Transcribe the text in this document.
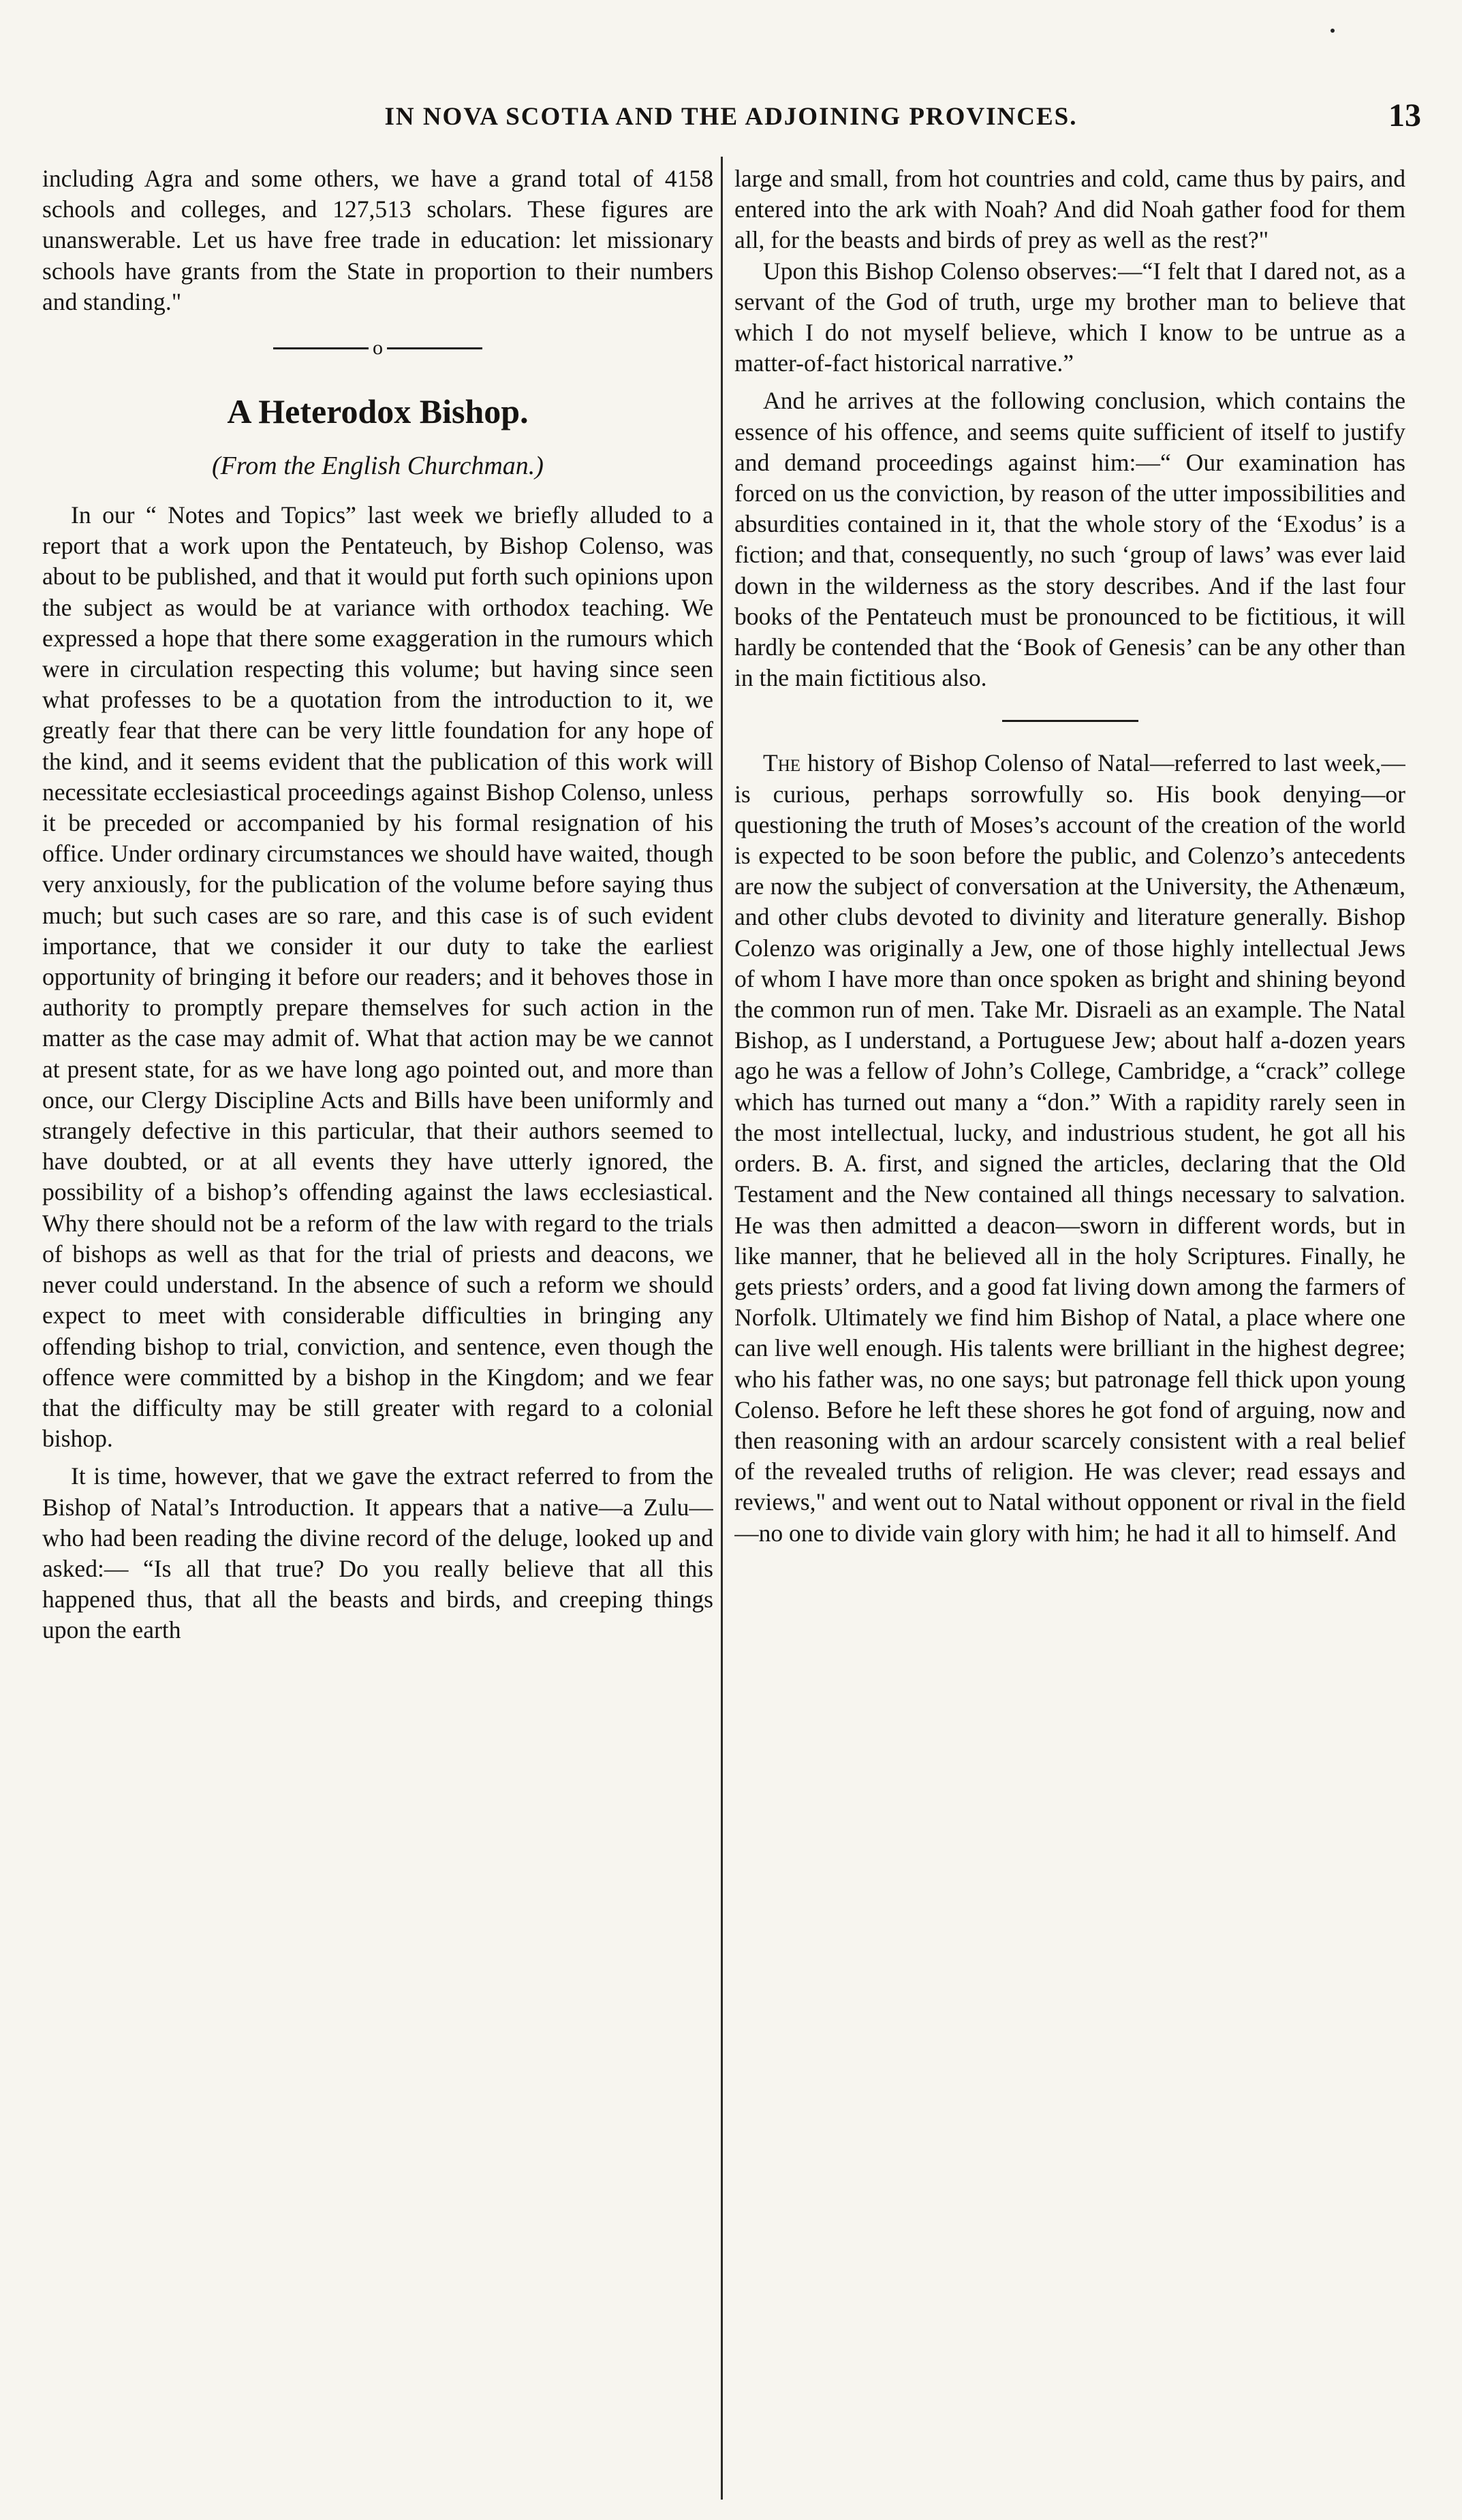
IN NOVA SCOTIA AND THE ADJOINING PROVINCES.	13

including Agra and some others, we have a grand total of 4158 schools and colleges, and 127,513 scholars. These figures are unanswerable. Let us have free trade in education: let missionary schools have grants from the State in proportion to their numbers and standing."

o
A Heterodox Bishop.
(From the English Churchman.)

In our “ Notes and Topics” last week we briefly alluded to a report that a work upon the Pentateuch, by Bishop Colenso, was about to be published, and that it would put forth such opinions upon the subject as would be at variance with orthodox teaching. We expressed a hope that there some exaggeration in the rumours which were in circulation respecting this volume; but having since seen what professes to be a quotation from the introduction to it, we greatly fear that there can be very little foundation for any hope of the kind, and it seems evident that the publication of this work will necessitate ecclesiastical proceedings against Bishop Colenso, unless it be preceded or accompanied by his formal resignation of his office. Under ordinary circumstances we should have waited, though very anxiously, for the publication of the volume before saying thus much; but such cases are so rare, and this case is of such evident importance, that we consider it our duty to take the earliest opportunity of bringing it before our readers; and it behoves those in authority to promptly prepare themselves for such action in the matter as the case may admit of. What that action may be we cannot at present state, for as we have long ago pointed out, and more than once, our Clergy Discipline Acts and Bills have been uniformly and strangely defective in this particular, that their authors seemed to have doubted, or at all events they have utterly ignored, the possibility of a bishop’s offending against the laws ecclesiastical. Why there should not be a reform of the law with regard to the trials of bishops as well as that for the trial of priests and deacons, we never could understand. In the absence of such a reform we should expect to meet with considerable difficulties in bringing any offending bishop to trial, conviction, and sentence, even though the offence were committed by a bishop in the Kingdom; and we fear that the difficulty may be still greater with regard to a colonial bishop.

It is time, however, that we gave the extract referred to from the Bishop of Natal’s Introduction. It appears that a native—a Zulu—who had been reading the divine record of the deluge, looked up and asked:— “Is all that true? Do you really believe that all this happened thus, that all the beasts and birds, and creeping things upon the earth

large and small, from hot countries and cold, came thus by pairs, and entered into the ark with Noah? And did Noah gather food for them all, for the beasts and birds of prey as well as the rest?"

Upon this Bishop Colenso observes:—“I felt that I dared not, as a servant of the God of truth, urge my brother man to believe that which I do not myself believe, which I know to be untrue as a matter-of-fact historical narrative.”

And he arrives at the following conclusion, which contains the essence of his offence, and seems quite sufficient of itself to justify and demand proceedings against him:—“ Our examination has forced on us the conviction, by reason of the utter impossibilities and absurdities contained in it, that the whole story of the ‘Exodus’ is a fiction; and that, consequently, no such ‘group of laws’ was ever laid down in the wilderness as the story describes. And if the last four books of the Pentateuch must be pronounced to be fictitious, it will hardly be contended that the ‘Book of Genesis’ can be any other than in the main fictitious also.

The history of Bishop Colenso of Natal—referred to last week,—is curious, perhaps sorrowfully so. His book denying—or questioning the truth of Moses’s account of the creation of the world is expected to be soon before the public, and Colenzo’s antecedents are now the subject of conversation at the University, the Athenæum, and other clubs devoted to divinity and literature generally. Bishop Colenzo was originally a Jew, one of those highly intellectual Jews of whom I have more than once spoken as bright and shining beyond the common run of men. Take Mr. Disraeli as an example. The Natal Bishop, as I understand, a Portuguese Jew; about half a-dozen years ago he was a fellow of John’s College, Cambridge, a “crack” college which has turned out many a “don.” With a rapidity rarely seen in the most intellectual, lucky, and industrious student, he got all his orders. B. A. first, and signed the articles, declaring that the Old Testament and the New contained all things necessary to salvation. He was then admitted a deacon—sworn in different words, but in like manner, that he believed all in the holy Scriptures. Finally, he gets priests’ orders, and a good fat living down among the farmers of Norfolk. Ultimately we find him Bishop of Natal, a place where one can live well enough. His talents were brilliant in the highest degree; who his father was, no one says; but patronage fell thick upon young Colenso. Before he left these shores he got fond of arguing, now and then reasoning with an ardour scarcely consistent with a real belief of the revealed truths of religion. He was clever; read essays and reviews," and went out to Natal without opponent or rival in the field—no one to divide vain glory with him; he had it all to himself. And
